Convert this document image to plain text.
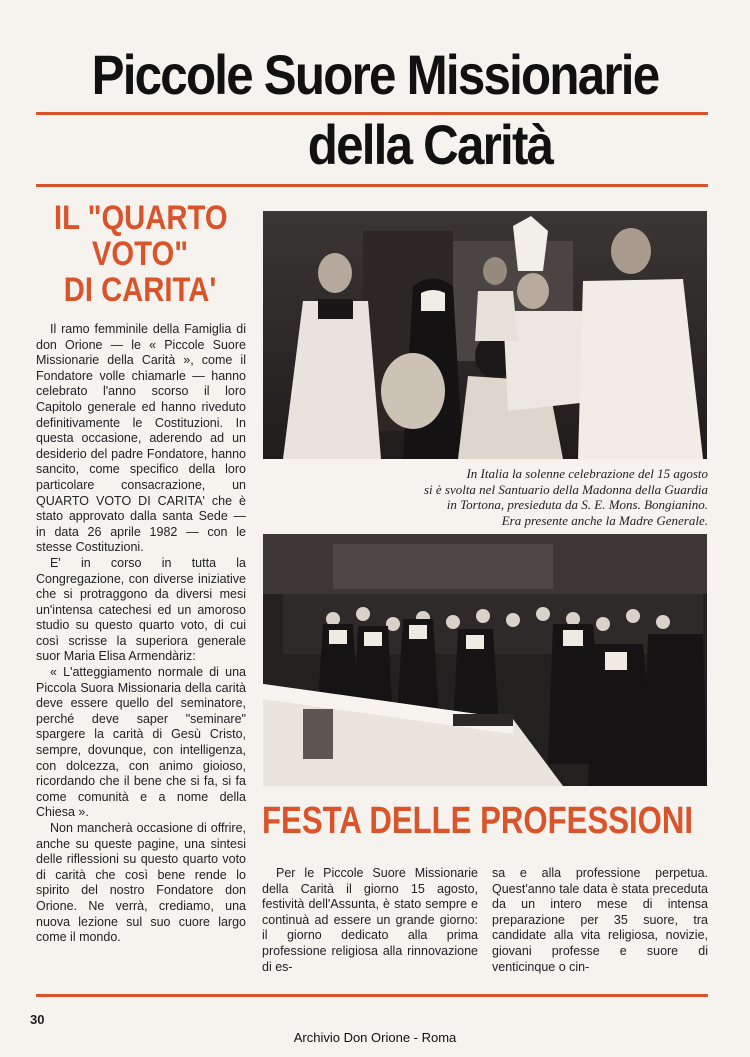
Piccole Suore Missionarie
della Carità
IL "QUARTO
VOTO"
DI CARITA'

Il ramo femminile della Famiglia di don Orione — le « Piccole Suore Missionarie della Carità », come il Fondatore volle chiamarle — hanno celebrato l'anno scorso il loro Capitolo generale ed hanno riveduto definitivamente le Costituzioni. In questa occasione, aderendo ad un desiderio del padre Fondatore, hanno sancito, come specifico della loro particolare consacrazione, un QUARTO VOTO DI CARITA' che è stato approvato dalla santa Sede — in data 26 aprile 1982 — con le stesse Costituzioni.

E' in corso in tutta la Congregazione, con diverse iniziative che si protraggono da diversi mesi un'intensa catechesi ed un amoroso studio su questo quarto voto, di cui così scrisse la superiora generale suor Maria Elisa Armendàriz:

« L'atteggiamento normale di una Piccola Suora Missionaria della carità deve essere quello del seminatore, perché deve saper "seminare" spargere la carità di Gesù Cristo, sempre, dovunque, con intelligenza, con dolcezza, con animo gioioso, ricordando che il bene che si fa, si fa come comunità e a nome della Chiesa ».

Non mancherà occasione di offrire, anche su queste pagine, una sintesi delle riflessioni su questo quarto voto di carità che così bene rende lo spirito del nostro Fondatore don Orione. Ne verrà, crediamo, una nuova lezione sul suo cuore largo come il mondo.

In Italia la solenne celebrazione del 15 agosto
si è svolta nel Santuario della Madonna della Guardia
in Tortona, presieduta da S. E. Mons. Bongianino.
Era presente anche la Madre Generale.
FESTA DELLE PROFESSIONI

Per le Piccole Suore Missionarie della Carità il giorno 15 agosto, festività dell'Assunta, è stato sempre e continuà ad essere un grande giorno: il giorno dedicato alla prima professione religiosa alla rinnovazione di es-

sa e alla professione perpetua. Quest'anno tale data è stata preceduta da un intero mese di intensa preparazione per 35 suore, tra candidate alla vita religiosa, novizie, giovani professe e suore di venticinque o cin-

30
Archivio Don Orione - Roma
